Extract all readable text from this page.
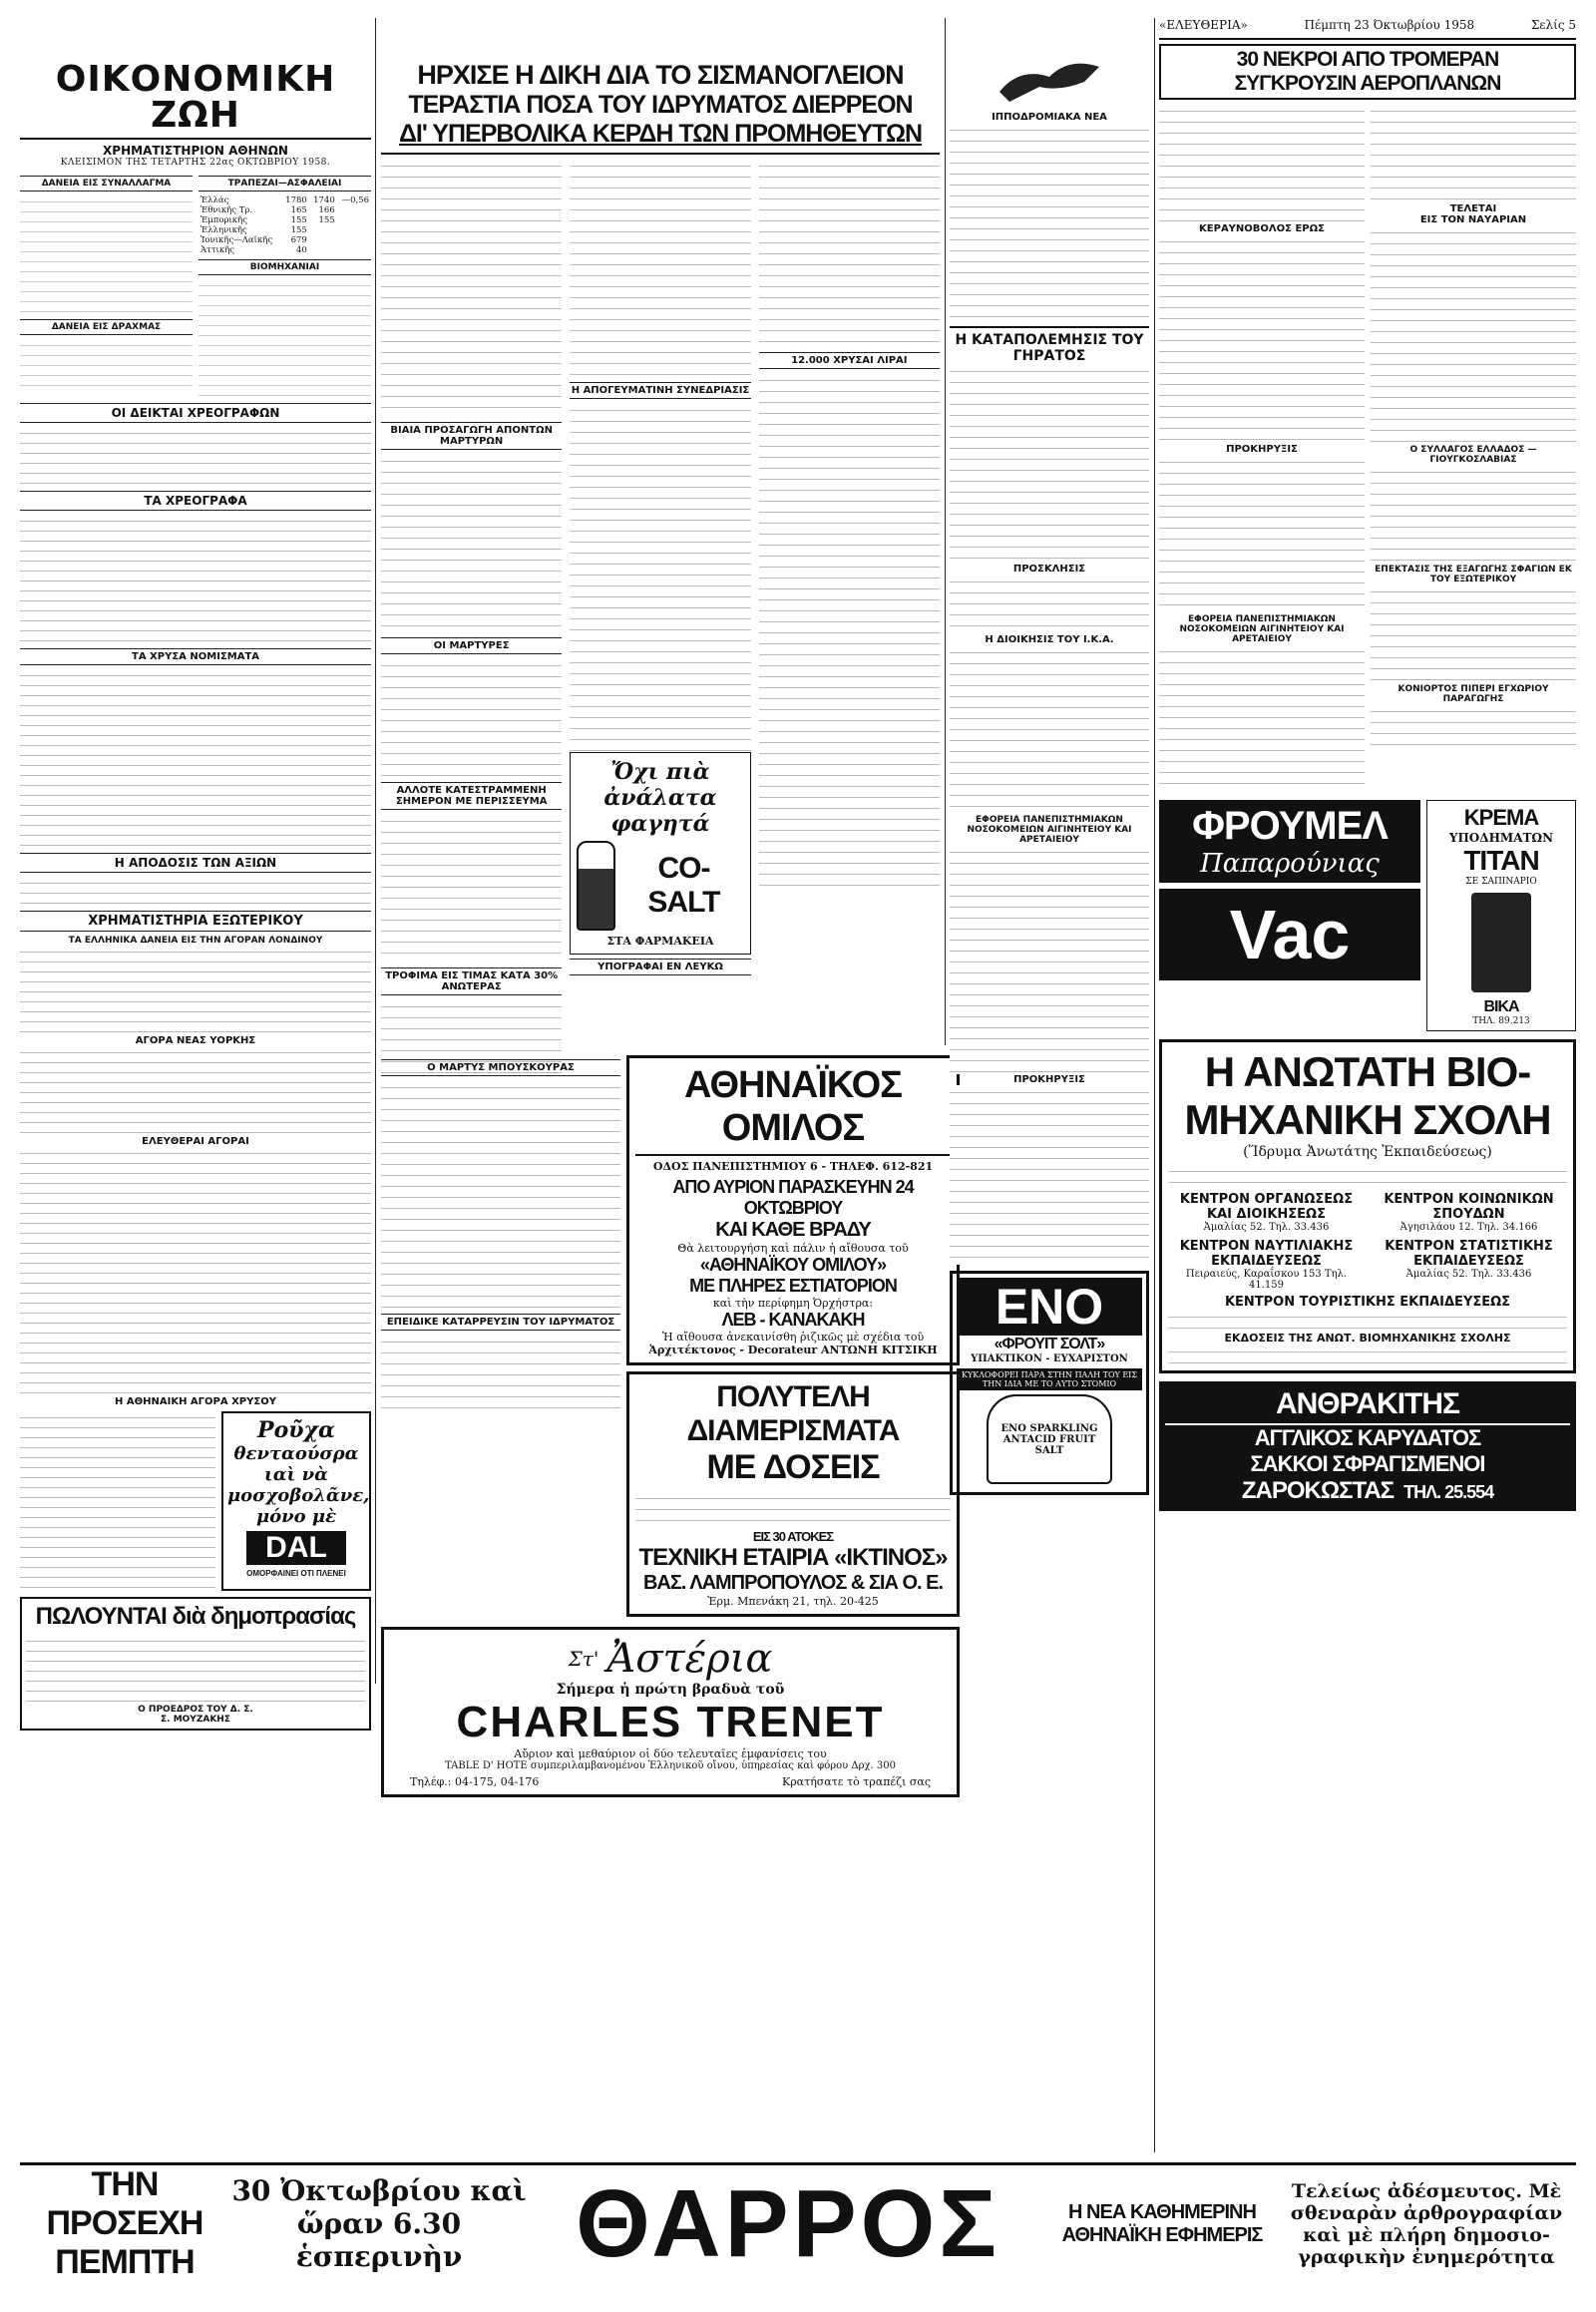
«ΕΛΕΥΘΕΡΙΑ»	Πέμπτη 23 Όκτωβρίου 1958	Σελίς 5
ΟΙΚΟΝΟΜΙΚΗ ΖΩΗ
ΧΡΗΜΑΤΙΣΤΗΡΙΟΝ ΑΘΗΝΩΝ
ΚΛΕΙΣΙΜΟΝ ΤΗΣ ΤΕΤΑΡΤΗΣ 22ας ΟΚΤΩΒΡΙΟΥ 1958.
ΔΑΝΕΙΑ ΕΙΣ ΣΥΝΑΛΛΑΓΜΑ
ΔΑΝΕΙΑ ΕΙΣ ΔΡΑΧΜΑΣ
ΤΡΑΠΕΖΑΙ—ΑΣΦΑΛΕΙΑΙ
Ἑλλάς	1780	1740	—0,56
Ἐθνικῆς Τρ.	165	166	
Ἐμπορικῆς	155	155	
Ἐλληνικῆς	155		
Ἰονικῆς—Λαϊκῆς	679		
Ἀττικῆς	40		
ΒΙΟΜΗΧΑΝΙΑΙ
ΟΙ ΔΕΙΚΤΑΙ ΧΡΕΟΓΡΑΦΩΝ
ΤΑ ΧΡΕΟΓΡΑΦΑ
ΤΑ ΧΡΥΣΑ ΝΟΜΙΣΜΑΤΑ
Η ΑΠΟΔΟΣΙΣ ΤΩΝ ΑΞΙΩΝ
ΧΡΗΜΑΤΙΣΤΗΡΙΑ ΕΞΩΤΕΡΙΚΟΥ
ΤΑ ΕΛΛΗΝΙΚΑ ΔΑΝΕΙΑ ΕΙΣ ΤΗΝ ΑΓΟΡΑΝ ΛΟΝΔΙΝΟΥ
ΑΓΟΡΑ ΝΕΑΣ ΥΟΡΚΗΣ
ΕΛΕΥΘΕΡΑΙ ΑΓΟΡΑΙ
Η ΑΘΗΝΑΙΚΗ ΑΓΟΡΑ ΧΡΥΣΟΥ
Ροῦχα
θενταούσρα
ιαὶ νὰ
μοσχοβολᾶνε,
μόνο μὲ
DAL
ΟΜΟΡΦΑΙΝΕΙ ΟΤΙ ΠΛΕΝΕΙ
ΠΩΛΟΥΝΤΑΙ διὰ δημοπρασίας
Ο ΠΡΟΕΔΡΟΣ ΤΟΥ Δ. Σ.
Σ. ΜΟΥΖΑΚΗΣ
ΗΡΧΙΣΕ Η ΔΙΚΗ ΔΙΑ ΤΟ ΣΙΣΜΑΝΟΓΛΕΙΟΝ
ΤΕΡΑΣΤΙΑ ΠΟΣΑ ΤΟΥ ΙΔΡΥΜΑΤΟΣ ΔΙΕΡΡΕΟΝ
ΔΙ' ΥΠΕΡΒΟΛΙΚΑ ΚΕΡΔΗ ΤΩΝ ΠΡΟΜΗΘΕΥΤΩΝ
ΒΙΑΙΑ ΠΡΟΣΑΓΩΓΗ ΑΠΟΝΤΩΝ ΜΑΡΤΥΡΩΝ
ΟΙ ΜΑΡΤΥΡΕΣ
ΑΛΛΟΤΕ ΚΑΤΕΣΤΡΑΜΜΕΝΗ ΣΗΜΕΡΟΝ ΜΕ ΠΕΡΙΣΣΕΥΜΑ
ΤΡΟΦΙΜΑ ΕΙΣ ΤΙΜΑΣ ΚΑΤΑ 30% ΑΝΩΤΕΡΑΣ
Η ΑΠΟΓΕΥΜΑΤΙΝΗ ΣΥΝΕΔΡΙΑΣΙΣ
Ὄχι πιὰ ἀνάλατα
φαγητά
CO-SALT
ΣΤΑ ΦΑΡΜΑΚΕΙΑ
ΥΠΟΓΡΑΦΑΙ ΕΝ ΛΕΥΚΩ
12.000 ΧΡΥΣΑΙ ΛΙΡΑΙ
Ο ΜΑΡΤΥΣ ΜΠΟΥΣΚΟΥΡΑΣ
ΕΠΕΙΔΙΚΕ ΚΑΤΑΡΡΕΥΣΙΝ ΤΟΥ ΙΔΡΥΜΑΤΟΣ
ΑΘΗΝΑΪΚΟΣ ΟΜΙΛΟΣ
ΟΔΟΣ ΠΑΝΕΠΙΣΤΗΜΙΟΥ 6 - ΤΗΛΕΦ. 612-821
ΑΠΟ ΑΥΡΙΟΝ ΠΑΡΑΣΚΕΥΗΝ 24 ΟΚΤΩΒΡΙΟΥ
ΚΑΙ ΚΑΘΕ ΒΡΑΔΥ
Θὰ λειτουργήση καὶ πάλιν ἡ αἴθουσα τοῦ
«ΑΘΗΝΑΪΚΟΥ ΟΜΙΛΟΥ»
ΜΕ ΠΛΗΡΕΣ ΕΣΤΙΑΤΟΡΙΟΝ
καὶ τὴν περίφημη Ὀρχήστρα:
ΛΕΒ - ΚΑΝΑΚΑΚΗ
Ἡ αἴθουσα ἀνεκαινίσθη ῥιζικῶς μὲ σχέδια τοῦ
Ἀρχιτέκτονος - Decorateur ΑΝΤΩΝΗ ΚΙΤΣΙΚΗ
ΠΟΛΥΤΕΛΗ ΔΙΑΜΕΡΙΣΜΑΤΑ
ΜΕ ΔΟΣΕΙΣ
ΕΙΣ 30 ΑΤΟΚΕΣ
ΤΕΧΝΙΚΗ ΕΤΑΙΡΙΑ «ΙΚΤΙΝΟΣ»
ΒΑΣ. ΛΑΜΠΡΟΠΟΥΛΟΣ & ΣΙΑ Ο. Ε.
Ἑρμ. Μπενάκη 21, τηλ. 20-425
Στ' Ἀστέρια
Σήμερα ἡ πρώτη βραδυὰ τοῦ
CHARLES TRENET
Αὔριον καὶ μεθαύριον οἱ δύο τελευταῖες ἐμφανίσεις του
TABLE D' HOTE συμπεριλαμβανομένου Ἑλληνικοῦ οἴνου, ὑπηρεσίας καὶ φόρου Δρχ. 300
Τηλέφ.: 04-175, 04-176	Κρατήσατε τὸ τραπέζι σας
ΙΠΠΟΔΡΟΜΙΑΚΑ ΝΕΑ
Η ΚΑΤΑΠΟΛΕΜΗΣΙΣ ΤΟΥ ΓΗΡΑΤΟΣ
ΠΡΟΣΚΛΗΣΙΣ
Η ΔΙΟΙΚΗΣΙΣ ΤΟΥ Ι.Κ.Α.
ΕΦΟΡΕΙΑ ΠΑΝΕΠΙΣΤΗΜΙΑΚΩΝ ΝΟΣΟΚΟΜΕΙΩΝ ΑΙΓΙΝΗΤΕΙΟΥ ΚΑΙ ΑΡΕΤΑΙΕΙΟΥ
ΠΡΟΚΗΡΥΞΙΣ
ENO
«ΦΡΟΥΙΤ ΣΟΛΤ»
ΥΠΑΚΤΙΚΟΝ - ΕΥΧΑΡΙΣΤΟΝ
ΚΥΚΛΟΦΟΡΕΙ ΠΑΡΑ ΣΤΗΝ ΠΑΛΗ ΤΟΥ ΕΙΣ ΤΗΝ ΙΔΙΑ ΜΕ ΤΟ ΑΥΤΟ ΣΤΟΜΙΟ
ENO SPARKLING ANTACID FRUIT SALT
30 ΝΕΚΡΟΙ ΑΠΟ ΤΡΟΜΕΡΑΝ
ΣΥΓΚΡΟΥΣΙΝ ΑΕΡΟΠΛΑΝΩΝ
ΚΕΡΑΥΝΟΒΟΛΟΣ ΕΡΩΣ
ΠΡΟΚΗΡΥΞΙΣ
ΕΦΟΡΕΙΑ ΠΑΝΕΠΙΣΤΗΜΙΑΚΩΝ ΝΟΣΟΚΟΜΕΙΩΝ ΑΙΓΙΝΗΤΕΙΟΥ ΚΑΙ ΑΡΕΤΑΙΕΙΟΥ
ΤΕΛΕΤΑΙ
ΕΙΣ ΤΟΝ ΝΑΥΑΡΙΑΝ
Ο ΣΥΛΛΑΓΟΣ ΕΛΛΑΔΟΣ — ΓΙΟΥΓΚΟΣΛΑΒΙΑΣ
ΕΠΕΚΤΑΣΙΣ ΤΗΣ ΕΞΑΓΩΓΗΣ ΣΦΑΓΙΩΝ ΕΚ ΤΟΥ ΕΞΩΤΕΡΙΚΟΥ
ΚΟΝΙΟΡΤΟΣ ΠΙΠΕΡΙ ΕΓΧΩΡΙΟΥ ΠΑΡΑΓΩΓΗΣ
ΦΡΟΥΜΕΛ
Παπαρούνιας
Vac
ΚΡΕΜΑ
ΥΠΟΔΗΜΑΤΩΝ
ΤΙΤΑΝ
ΣΕ ΣΑΠΙΝΑΡΙΟ
ΒΙΚΑ
ΤΗΛ. 89.213
Η ΑΝΩΤΑΤΗ ΒΙΟ-
ΜΗΧΑΝΙΚΗ ΣΧΟΛΗ
(Ἵδρυμα Ἀνωτάτης Ἐκπαιδεύσεως)
ΚΕΝΤΡΟΝ ΟΡΓΑΝΩΣΕΩΣ ΚΑΙ ΔΙΟΙΚΗΣΕΩΣ
Ἀμαλίας 52. Τηλ. 33.436
ΚΕΝΤΡΟΝ ΚΟΙΝΩΝΙΚΩΝ ΣΠΟΥΔΩΝ
Ἀγησιλάου 12. Τηλ. 34.166
ΚΕΝΤΡΟΝ ΝΑΥΤΙΛΙΑΚΗΣ ΕΚΠΑΙΔΕΥΣΕΩΣ
Πειραιεύς, Καραΐσκου 153 Τηλ. 41.159
ΚΕΝΤΡΟΝ ΣΤΑΤΙΣΤΙΚΗΣ ΕΚΠΑΙΔΕΥΣΕΩΣ
Ἀμαλίας 52. Τηλ. 33.436
ΚΕΝΤΡΟΝ ΤΟΥΡΙΣΤΙΚΗΣ ΕΚΠΑΙΔΕΥΣΕΩΣ
ΕΚΔΟΣΕΙΣ ΤΗΣ ΑΝΩΤ. ΒΙΟΜΗΧΑΝΙΚΗΣ ΣΧΟΛΗΣ
ΑΝΘΡΑΚΙΤΗΣ
ΑΓΓΛΙΚΟΣ ΚΑΡΥΔΑΤΟΣ
ΣΑΚΚΟΙ ΣΦΡΑΓΙΣΜΕΝΟΙ
ΖΑΡΟΚΩΣΤΑΣ ΤΗΛ. 25.554
ΤΗΝ ΠΡΟΣΕΧΗ
ΠΕΜΠΤΗ
30 Ὀκτωβρίου καὶ
ὥραν 6.30 ἑσπερινὴν	ΘΑΡΡΟΣ	Η ΝΕΑ ΚΑΘΗΜΕΡΙΝΗ
ΑΘΗΝΑΪΚΗ ΕΦΗΜΕΡΙΣ
Τελείως ἀδέσμευτος. Μὲ
σθεναρὰν ἀρθρογραφίαν
καὶ μὲ πλήρη δημοσιο-
γραφικὴν ἐνημερότητα
